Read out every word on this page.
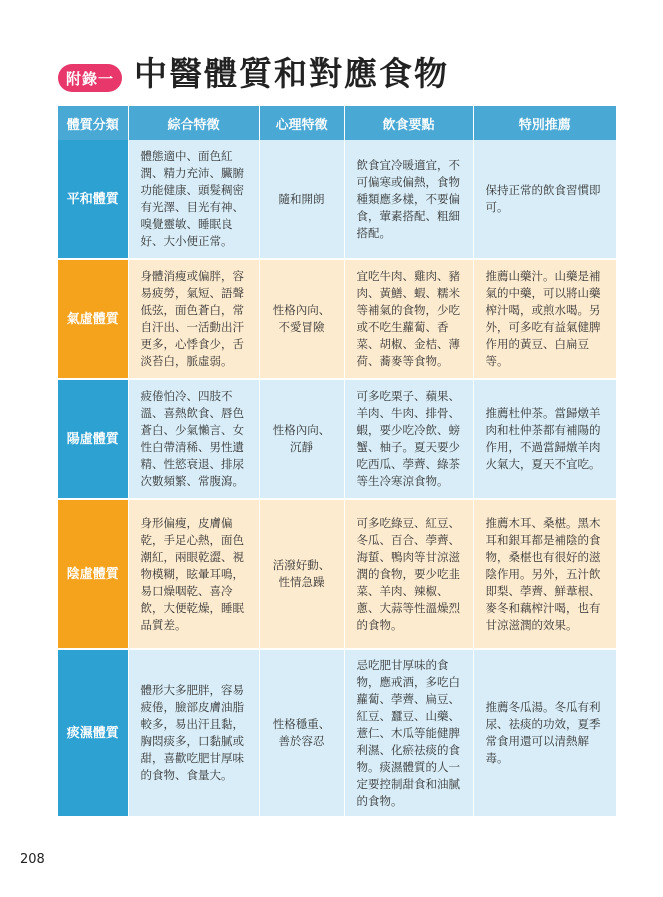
附錄一 中醫體質和對應食物
體質分類	綜合特徵	心理特徵	飲食要點	特別推薦
平和體質	體態適中、面色紅潤、精力充沛、臟腑功能健康、頭髮稠密有光澤、目光有神、嗅覺靈敏、睡眠良好、大小便正常。	隨和開朗	飲食宜冷暖適宜，不可偏寒或偏熱，食物種類應多樣，不要偏食，葷素搭配、粗細搭配。	保持正常的飲食習慣即可。
氣虛體質	身體消瘦或偏胖，容易疲勞，氣短、語聲低弦，面色蒼白，常自汗出、一活動出汗更多，心悸食少，舌淡苔白，脈虛弱。	性格內向、不愛冒險	宜吃牛肉、雞肉、豬肉、黃鱔、蝦、糯米等補氣的食物，少吃或不吃生蘿蔔、香菜、胡椒、金桔、薄荷、蕎麥等食物。	推薦山藥汁。山藥是補氣的中藥，可以將山藥榨汁喝，或煎水喝。另外，可多吃有益氣健脾作用的黃豆、白扁豆等。
陽虛體質	疲倦怕冷、四肢不溫、喜熱飲食、唇色蒼白、少氣懶言、女性白帶清稀、男性遺精、性慾衰退、排尿次數頻繁、常腹瀉。	性格內向、沉靜	可多吃栗子、蘋果、羊肉、牛肉、排骨、蝦，要少吃冷飲、螃蟹、柚子。夏天要少吃西瓜、荸薺、綠茶等生冷寒涼食物。	推薦杜仲茶。當歸燉羊肉和杜仲茶都有補陽的作用，不過當歸燉羊肉火氣大，夏天不宜吃。
陰虛體質	身形偏瘦，皮膚偏乾，手足心熱，面色潮紅，兩眼乾澀、視物模糊，眩暈耳鳴，易口燥咽乾、喜冷飲，大便乾燥，睡眠品質差。	活潑好動、性情急躁	可多吃綠豆、紅豆、冬瓜、百合、荸薺、海蜇、鴨肉等甘涼滋潤的食物，要少吃韭菜、羊肉、辣椒、蔥、大蒜等性溫燥烈的食物。	推薦木耳、桑椹。黑木耳和銀耳都是補陰的食物，桑椹也有很好的滋陰作用。另外，五汁飲即梨、荸薺、鮮葦根、麥冬和藕榨汁喝，也有甘涼滋潤的效果。
痰濕體質	體形大多肥胖，容易疲倦，臉部皮膚油脂較多，易出汗且黏，胸悶痰多，口黏膩或甜，喜歡吃肥甘厚味的食物、食量大。	性格穩重、善於容忍	忌吃肥甘厚味的食物，應戒酒，多吃白蘿蔔、荸薺、扁豆、紅豆、蠶豆、山藥、薏仁、木瓜等能健脾利濕、化瘀祛痰的食物。痰濕體質的人一定要控制甜食和油膩的食物。	推薦冬瓜湯。冬瓜有利尿、祛痰的功效，夏季常食用還可以清熱解毒。
208
